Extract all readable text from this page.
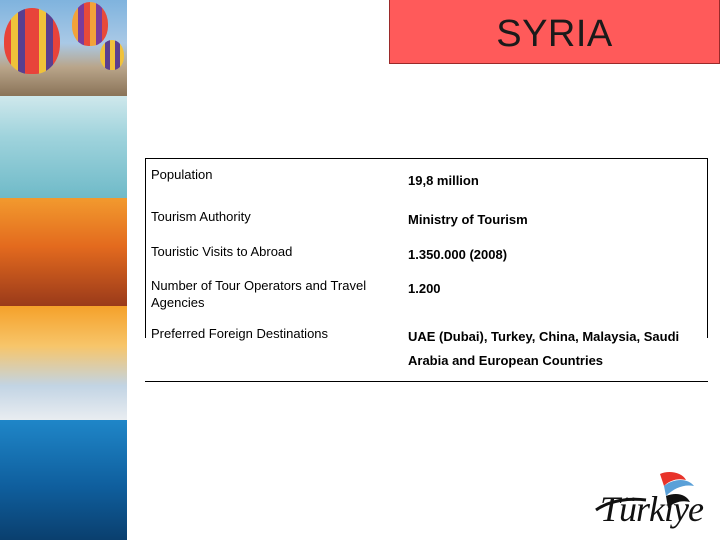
SYRIA
Population	19,8 million
Tourism Authority	Ministry of Tourism
Touristic Visits to Abroad	1.350.000 (2008)
Number of Tour Operators and Travel Agencies	1.200
Preferred Foreign Destinations	UAE (Dubai), Turkey, China, Malaysia, Saudi Arabia and European Countries
Türkiye
